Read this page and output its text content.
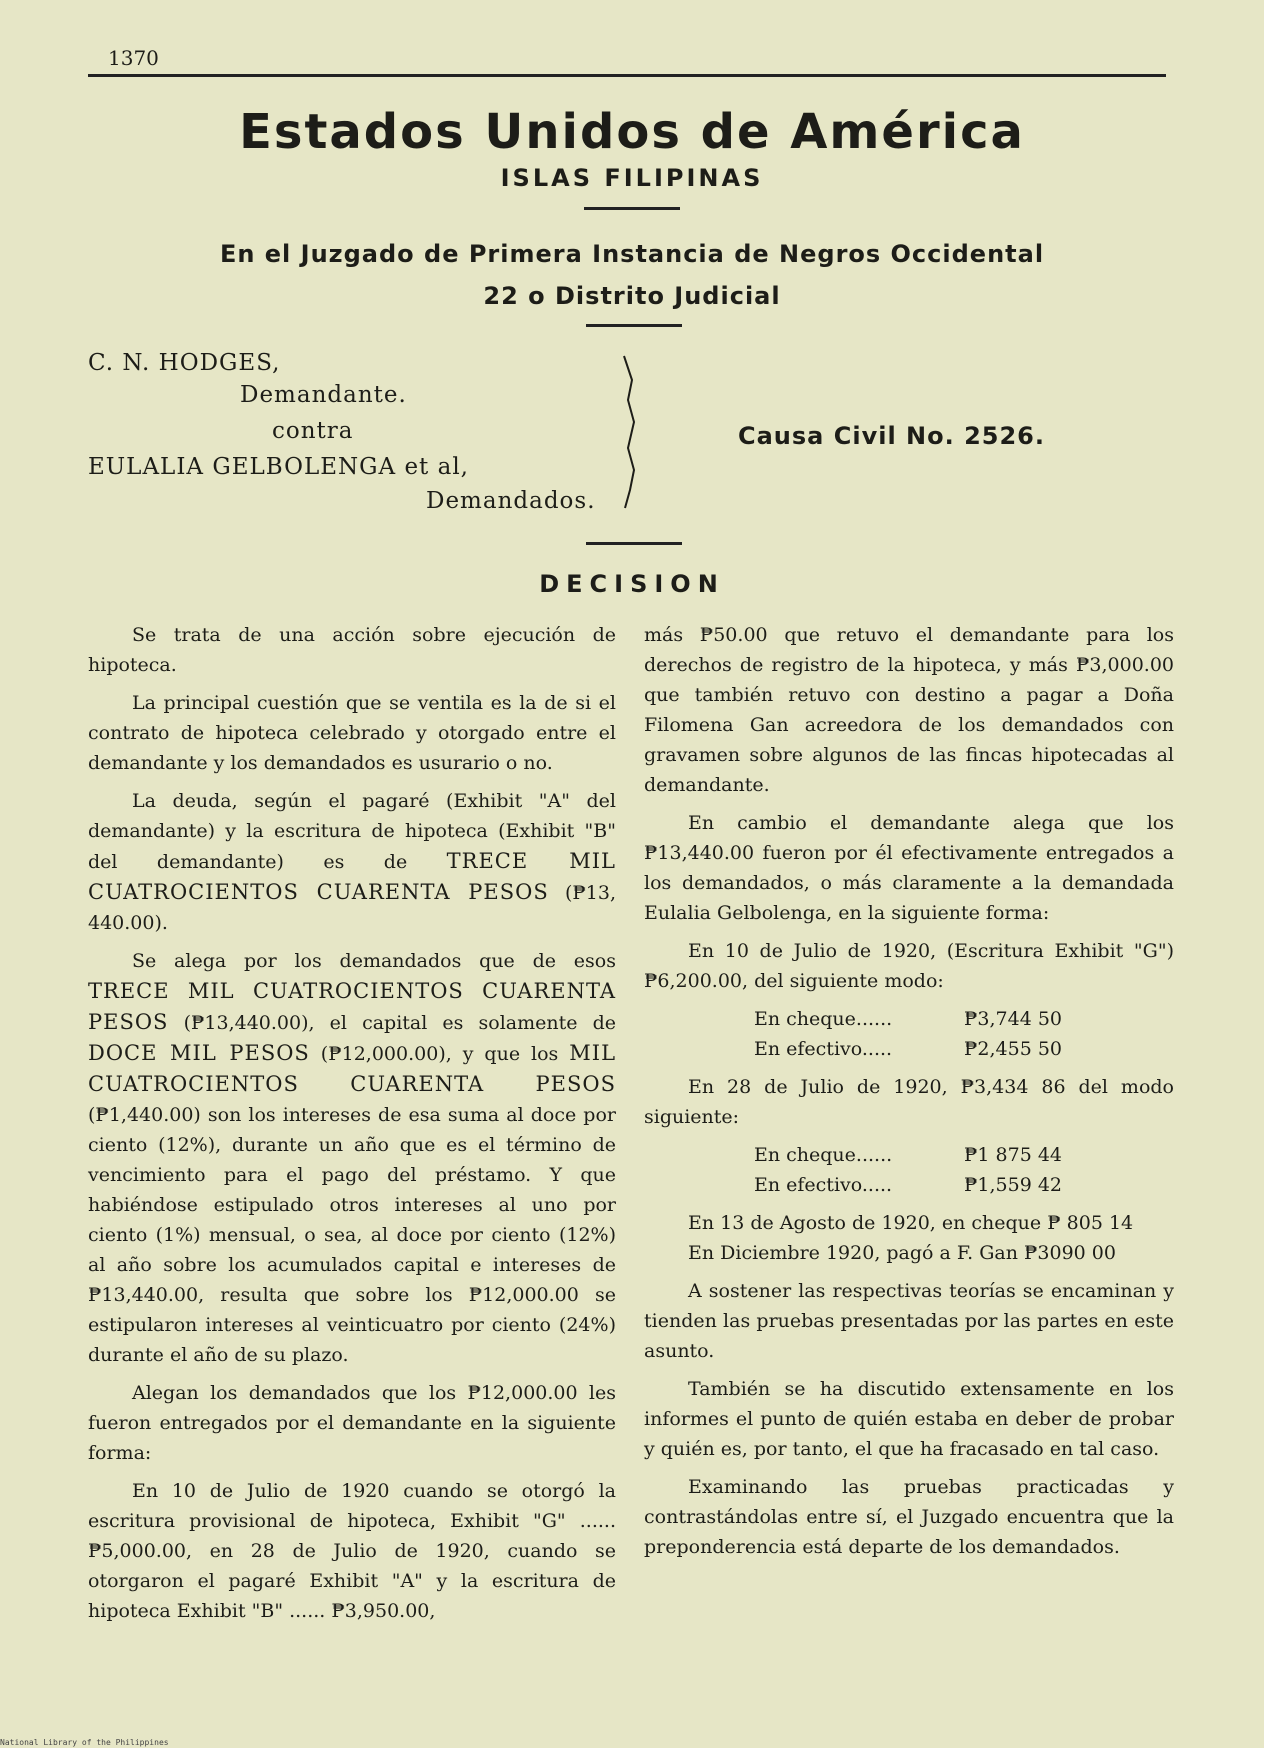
1370
Estados Unidos de América
ISLAS FILIPINAS
En el Juzgado de Primera Instancia de Negros Occidental
22 o Distrito Judicial
C. N. HODGES,
Demandante.
contra
EULALIA GELBOLENGA et al,
Demandados.
Causa Civil No. 2526.
DECISION

Se trata de una acción sobre ejecución de hipoteca.

La principal cuestión que se ventila es la de si el contrato de hipoteca celebrado y otorgado entre el demandante y los demandados es usurario o no.

La deuda, según el pagaré (Exhibit "A" del demandante) y la escritura de hipoteca (Exhibit "B" del demandante) es de TRECE MIL CUATROCIENTOS CUARENTA PESOS (₱13, 440.00).

Se alega por los demandados que de esos TRECE MIL CUATROCIENTOS CUARENTA PESOS (₱13,440.00), el capital es solamente de DOCE MIL PESOS (₱12,000.00), y que los MIL CUATROCIENTOS CUARENTA PESOS (₱1,440.00) son los intereses de esa suma al doce por ciento (12%), durante un año que es el término de vencimiento para el pago del préstamo. Y que habiéndose estipulado otros intereses al uno por ciento (1%) mensual, o sea, al doce por ciento (12%) al año sobre los acumulados capital e intereses de ₱13,440.00, resulta que sobre los ₱12,000.00 se estipularon intereses al veinticuatro por ciento (24%) durante el año de su plazo.

Alegan los demandados que los ₱12,000.00 les fueron entregados por el demandante en la siguiente forma:

En 10 de Julio de 1920 cuando se otorgó la escritura provisional de hipoteca, Exhibit "G" ...... ₱5,000.00, en 28 de Julio de 1920, cuando se otorgaron el pagaré Exhibit "A" y la escritura de hipoteca Exhibit "B" ...... ₱3,950.00,

más ₱50.00 que retuvo el demandante para los derechos de registro de la hipoteca, y más ₱3,000.00 que también retuvo con destino a pagar a Doña Filomena Gan acreedora de los demandados con gravamen sobre algunos de las fincas hipotecadas al demandante.

En cambio el demandante alega que los ₱13,440.00 fueron por él efectivamente entregados a los demandados, o más claramente a la demandada Eulalia Gelbolenga, en la siguiente forma:

En 10 de Julio de 1920, (Escritura Exhibit "G") ₱6,200.00, del siguiente modo:

En cheque......	₱3,744 50
En efectivo.....	₱2,455 50

En 28 de Julio de 1920, ₱3,434 86 del modo siguiente:

En cheque......	₱1 875 44
En efectivo.....	₱1,559 42

En 13 de Agosto de 1920, en cheque ₱ 805 14

En Diciembre 1920, pagó a F. Gan ₱3090 00

A sostener las respectivas teorías se encaminan y tienden las pruebas presentadas por las partes en este asunto.

También se ha discutido extensamente en los informes el punto de quién estaba en deber de probar y quién es, por tanto, el que ha fracasado en tal caso.

Examinando las pruebas practicadas y contrastándolas entre sí, el Juzgado encuentra que la preponderencia está departe de los demandados.

National Library of the Philippines
